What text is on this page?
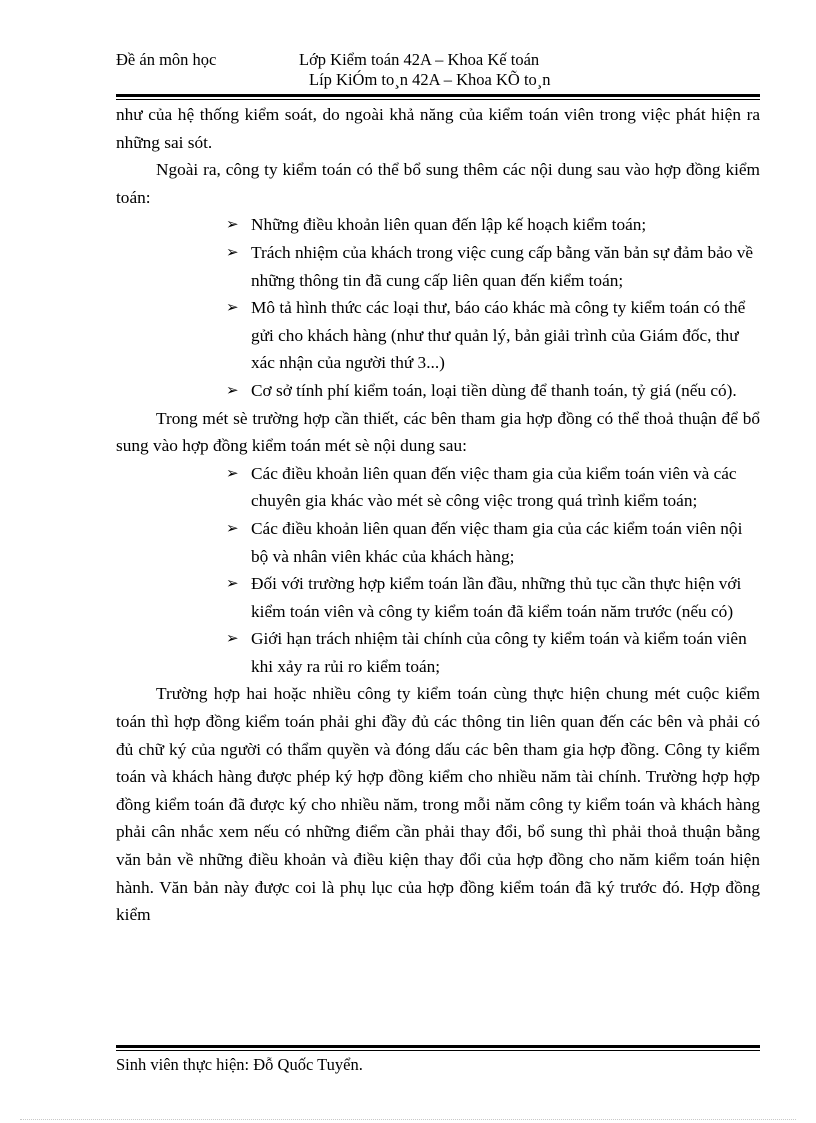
Đề án môn học	Lớp Kiểm toán 42A – Khoa Kế toán
Líp KiÓm to¸n 42A – Khoa KÕ to¸n

như của hệ thống kiểm soát, do ngoài khả năng của kiểm toán viên trong việc phát hiện ra những sai sót.

Ngoài ra, công ty kiểm toán có thể bổ sung thêm các nội dung sau vào hợp đồng kiểm toán:

➢ Những điều khoản liên quan đến lập kế hoạch kiểm toán;
➢ Trách nhiệm của khách trong việc cung cấp bằng văn bản sự đảm bảo về những thông tin đã cung cấp liên quan đến kiểm toán;
➢ Mô tả hình thức các loại thư, báo cáo khác mà công ty kiểm toán có thể gửi cho khách hàng (như thư quản lý, bản giải trình của Giám đốc, thư xác nhận của người thứ 3...)
➢ Cơ sở tính phí kiểm toán, loại tiền dùng để thanh toán, tỷ giá (nếu có).

Trong mét sè trường hợp cần thiết, các bên tham gia hợp đồng có thể thoả thuận để bổ sung vào hợp đồng kiểm toán mét sè nội dung sau:

➢ Các điều khoản liên quan đến việc tham gia của kiểm toán viên và các chuyên gia khác vào mét sè công việc trong quá trình kiểm toán;
➢ Các điều khoản liên quan đến việc tham gia của các kiểm toán viên nội bộ và nhân viên khác của khách hàng;
➢ Đối với trường hợp kiểm toán lần đầu, những thủ tục cần thực hiện với kiểm toán viên và công ty kiểm toán đã kiểm toán năm trước (nếu có)
➢ Giới hạn trách nhiệm tài chính của công ty kiểm toán và kiểm toán viên khi xảy ra rủi ro kiểm toán;

Trường hợp hai hoặc nhiều công ty kiểm toán cùng thực hiện chung mét cuộc kiểm toán thì hợp đồng kiểm toán phải ghi đầy đủ các thông tin liên quan đến các bên và phải có đủ chữ ký của người có thẩm quyền và đóng dấu các bên tham gia hợp đồng. Công ty kiểm toán và khách hàng được phép ký hợp đồng kiểm cho nhiều năm tài chính. Trường hợp hợp đồng kiểm toán đã được ký cho nhiều năm, trong mỗi năm công ty kiểm toán và khách hàng phải cân nhắc xem nếu có những điểm cần phải thay đổi, bổ sung thì phải thoả thuận bằng văn bản về những điều khoản và điều kiện thay đổi của hợp đồng cho năm kiểm toán hiện hành. Văn bản này được coi là phụ lục của hợp đồng kiểm toán đã ký trước đó. Hợp đồng kiểm

Sinh viên thực hiện: Đỗ Quốc Tuyển.
